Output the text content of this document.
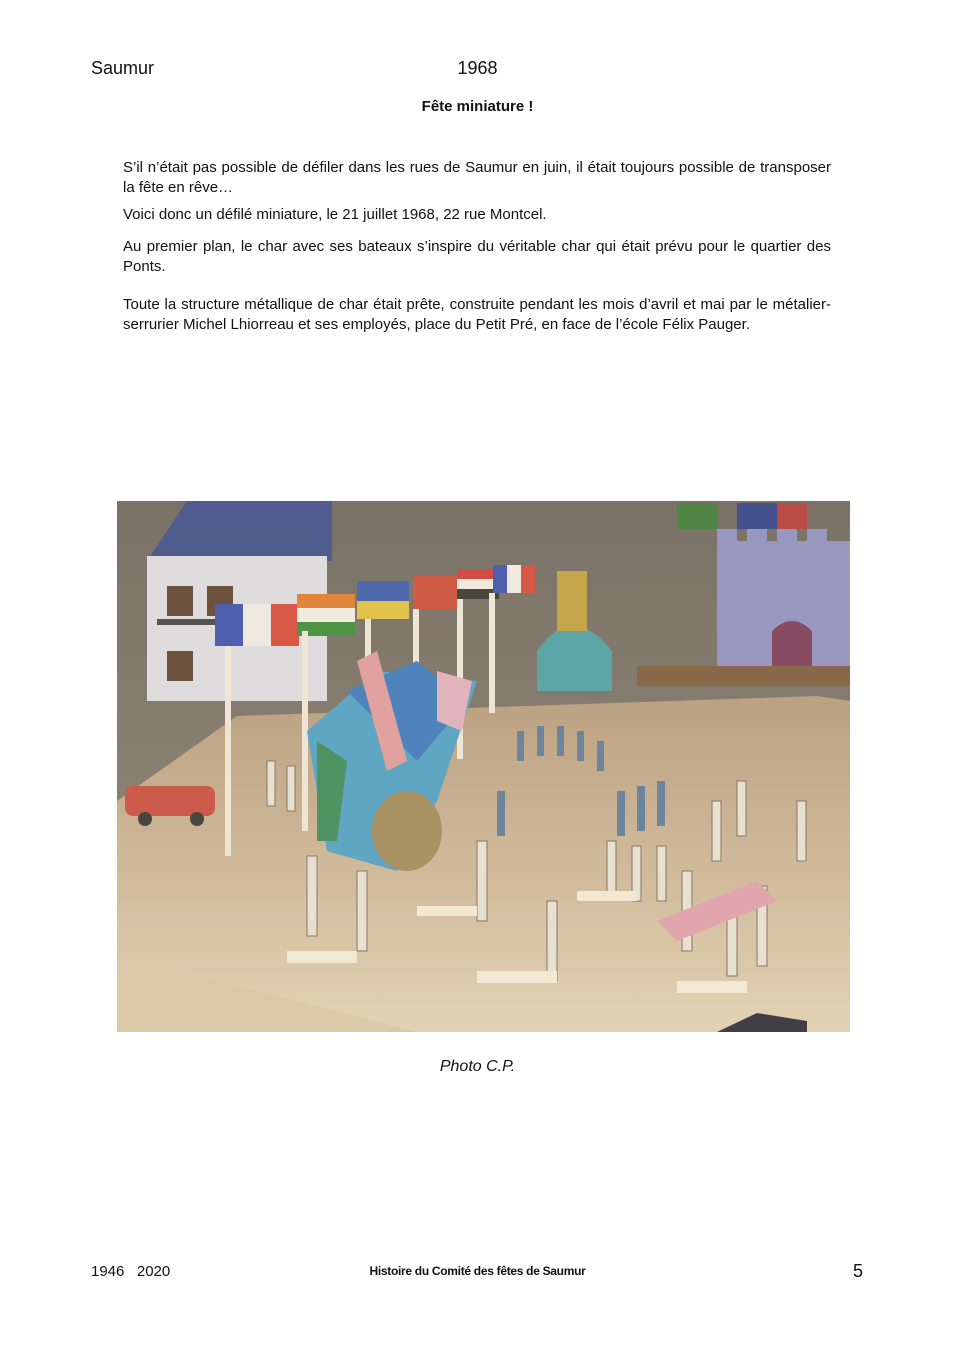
Saumur	1968
Fête miniature !

S’il n’était pas possible de défiler dans les rues de Saumur en juin, il était toujours possible de transposer la fête en rêve…

Voici donc un défilé miniature, le 21 juillet 1968, 22 rue Montcel.

Au premier plan, le char avec ses bateaux s’inspire du véritable char qui était prévu pour le quartier des Ponts.

Toute la structure métallique de char était prête, construite pendant les mois d’avril et mai par le métalier-serrurier Michel Lhiorreau et ses employés, place du Petit Pré, en face de l’école Félix Pauger.

Photo C.P.
1946   2020	Histoire du Comité des fêtes de Saumur	5
